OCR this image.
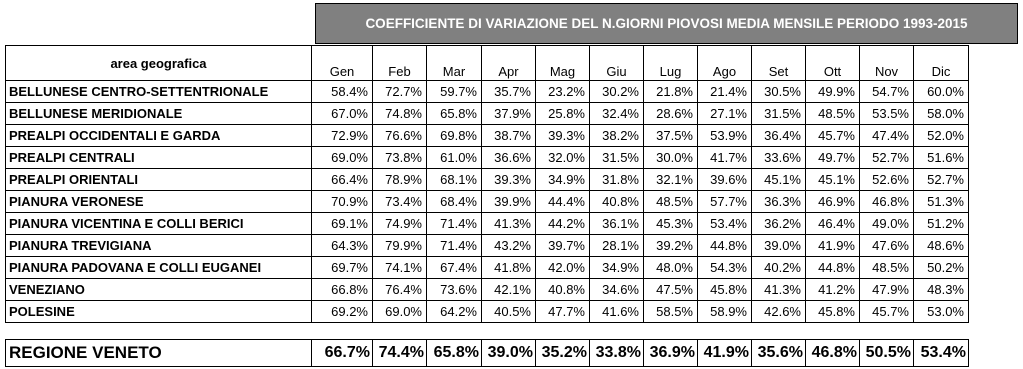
COEFFICIENTE DI VARIAZIONE DEL N.GIORNI PIOVOSI MEDIA MENSILE PERIODO 1993-2015
area geografica	Gen	Feb	Mar	Apr	Mag	Giu	Lug	Ago	Set	Ott	Nov	Dic
BELLUNESE CENTRO-SETTENTRIONALE	58.4%	72.7%	59.7%	35.7%	23.2%	30.2%	21.8%	21.4%	30.5%	49.9%	54.7%	60.0%
BELLUNESE MERIDIONALE	67.0%	74.8%	65.8%	37.9%	25.8%	32.4%	28.6%	27.1%	31.5%	48.5%	53.5%	58.0%
PREALPI OCCIDENTALI E GARDA	72.9%	76.6%	69.8%	38.7%	39.3%	38.2%	37.5%	53.9%	36.4%	45.7%	47.4%	52.0%
PREALPI CENTRALI	69.0%	73.8%	61.0%	36.6%	32.0%	31.5%	30.0%	41.7%	33.6%	49.7%	52.7%	51.6%
PREALPI ORIENTALI	66.4%	78.9%	68.1%	39.3%	34.9%	31.8%	32.1%	39.6%	45.1%	45.1%	52.6%	52.7%
PIANURA VERONESE	70.9%	73.4%	68.4%	39.9%	44.4%	40.8%	48.5%	57.7%	36.3%	46.9%	46.8%	51.3%
PIANURA VICENTINA E COLLI BERICI	69.1%	74.9%	71.4%	41.3%	44.2%	36.1%	45.3%	53.4%	36.2%	46.4%	49.0%	51.2%
PIANURA TREVIGIANA	64.3%	79.9%	71.4%	43.2%	39.7%	28.1%	39.2%	44.8%	39.0%	41.9%	47.6%	48.6%
PIANURA PADOVANA E COLLI EUGANEI	69.7%	74.1%	67.4%	41.8%	42.0%	34.9%	48.0%	54.3%	40.2%	44.8%	48.5%	50.2%
VENEZIANO	66.8%	76.4%	73.6%	42.1%	40.8%	34.6%	47.5%	45.8%	41.3%	41.2%	47.9%	48.3%
POLESINE	69.2%	69.0%	64.2%	40.5%	47.7%	41.6%	58.5%	58.9%	42.6%	45.8%	45.7%	53.0%
REGIONE VENETO	66.7%	74.4%	65.8%	39.0%	35.2%	33.8%	36.9%	41.9%	35.6%	46.8%	50.5%	53.4%
